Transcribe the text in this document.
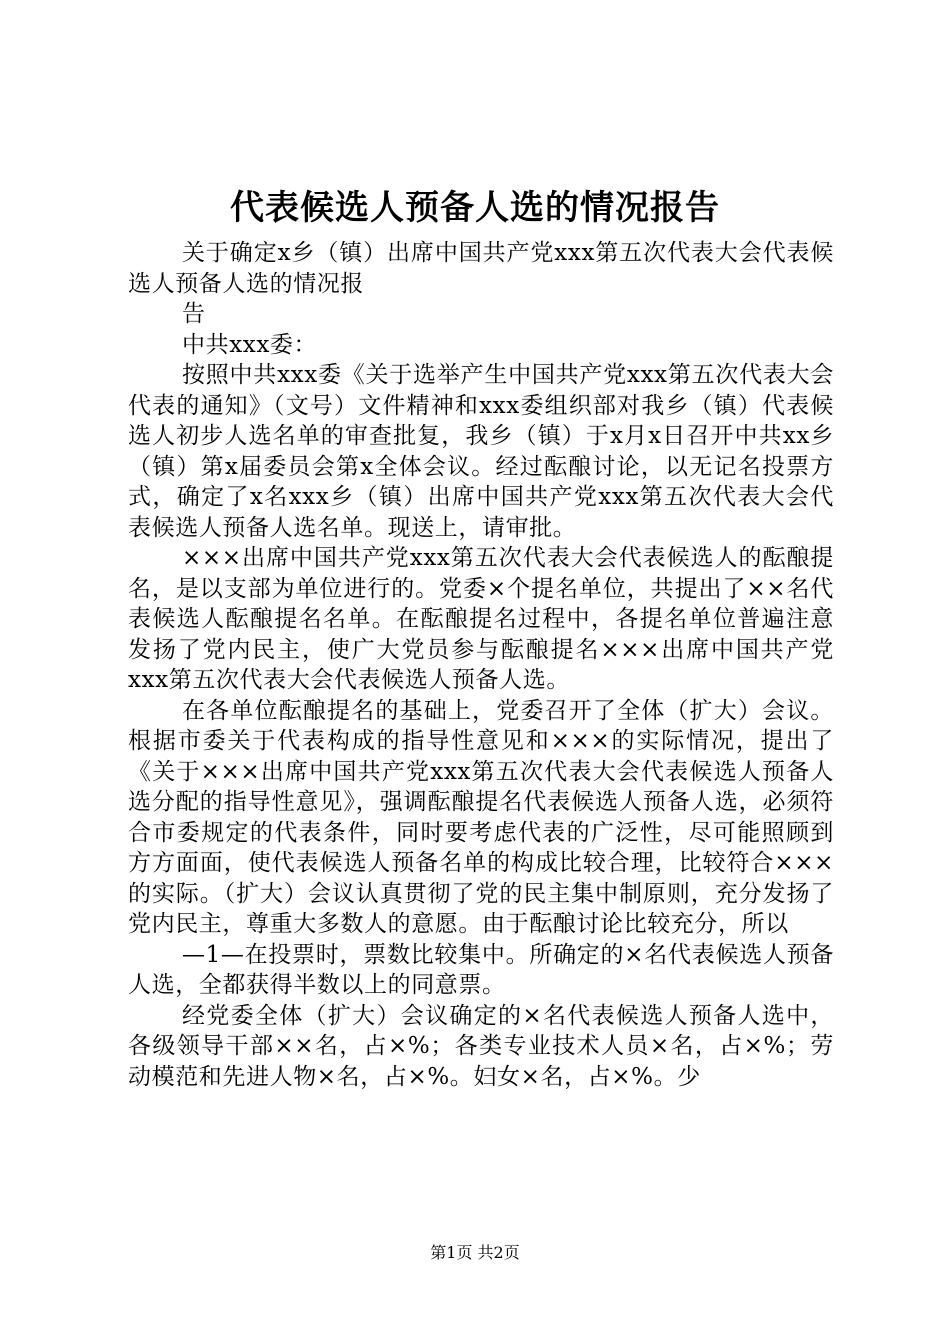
代表候选人预备人选的情况报告

关于确定x乡（镇）出席中国共产党xxx第五次代表大会代表候选人预备人选的情况报

告

中共xxx委：

按照中共xxx委《关于选举产生中国共产党xxx第五次代表大会代表的通知》（文号）文件精神和xxx委组织部对我乡（镇）代表候选人初步人选名单的审查批复，我乡（镇）于x月x日召开中共xx乡（镇）第x届委员会第x全体会议。经过酝酿讨论，以无记名投票方式，确定了x名xxx乡（镇）出席中国共产党xxx第五次代表大会代表候选人预备人选名单。现送上，请审批。

×××出席中国共产党xxx第五次代表大会代表候选人的酝酿提名，是以支部为单位进行的。党委×个提名单位，共提出了××名代表候选人酝酿提名名单。在酝酿提名过程中，各提名单位普遍注意发扬了党内民主，使广大党员参与酝酿提名×××出席中国共产党xxx第五次代表大会代表候选人预备人选。

在各单位酝酿提名的基础上，党委召开了全体（扩大）会议。根据市委关于代表构成的指导性意见和×××的实际情况，提出了《关于×××出席中国共产党xxx第五次代表大会代表候选人预备人选分配的指导性意见》，强调酝酿提名代表候选人预备人选，必须符合市委规定的代表条件，同时要考虑代表的广泛性，尽可能照顾到方方面面，使代表候选人预备名单的构成比较合理，比较符合×××的实际。（扩大）会议认真贯彻了党的民主集中制原则，充分发扬了党内民主，尊重大多数人的意愿。由于酝酿讨论比较充分，所以

—1—在投票时，票数比较集中。所确定的×名代表候选人预备人选，全都获得半数以上的同意票。

经党委全体（扩大）会议确定的×名代表候选人预备人选中，各级领导干部××名，占×%；各类专业技术人员×名，占×%；劳动模范和先进人物×名，占×%。妇女×名，占×%。少

第1页 共2页
